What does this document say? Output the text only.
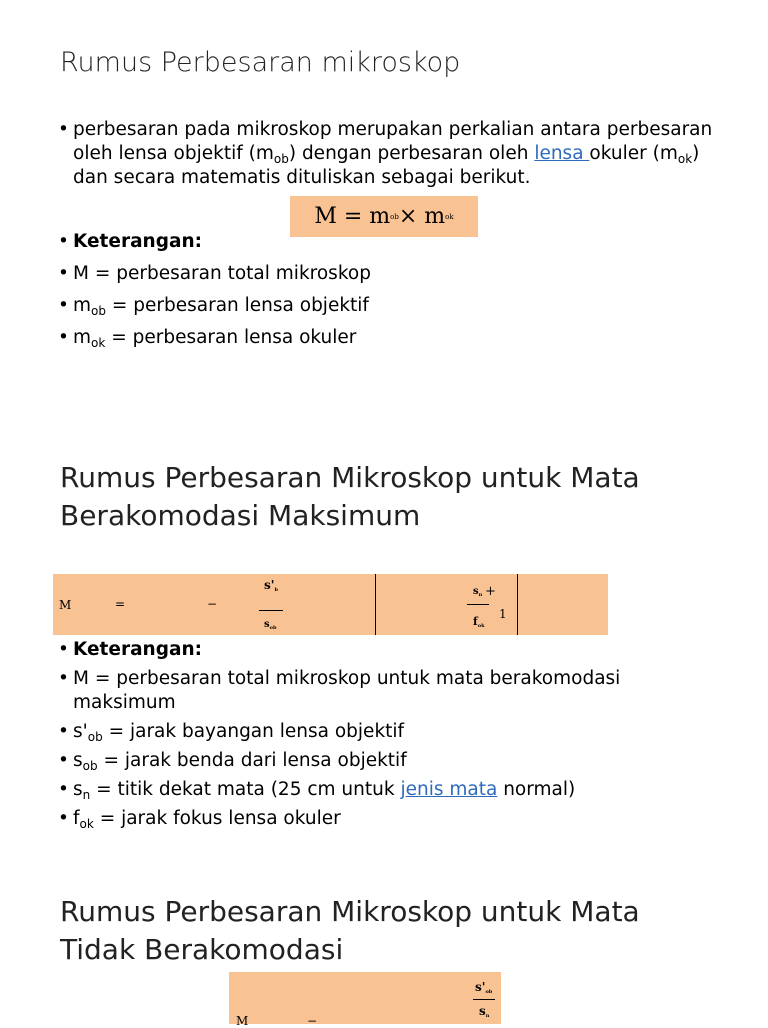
Rumus Perbesaran mikroskop
• perbesaran pada mikroskop merupakan perkalian antara perbesaran oleh lensa objektif $(m_{ob})$ dengan perbesaran oleh lensa okuler $(m_{ok})$ dan secara matematis dituliskan sebagai berikut.
M = m ob × m ok
• Keterangan:
• M = perbesaran total mikroskop
• $m_{ob}$ = perbesaran lensa objektif
• $m_{ok}$ = perbesaran lensa okuler
Rumus Perbesaran Mikroskop untuk Mata
Berakomodasi Maksimum
M	=	−
s'b
$s_{ob}$
$s_n$ +
1
fok
• Keterangan:
• M = perbesaran total mikroskop untuk mata berakomodasi maksimum
• $s'_{ob}$ = jarak bayangan lensa objektif
• $s_{ob}$ = jarak benda dari lensa objektif
• $s_n$ = titik dekat mata (25 cm untuk jenis mata normal)
• $f_{ok}$ = jarak fokus lensa okuler
Rumus Perbesaran Mikroskop untuk Mata
Tidak Berakomodasi
s'ob
sn
M	−
